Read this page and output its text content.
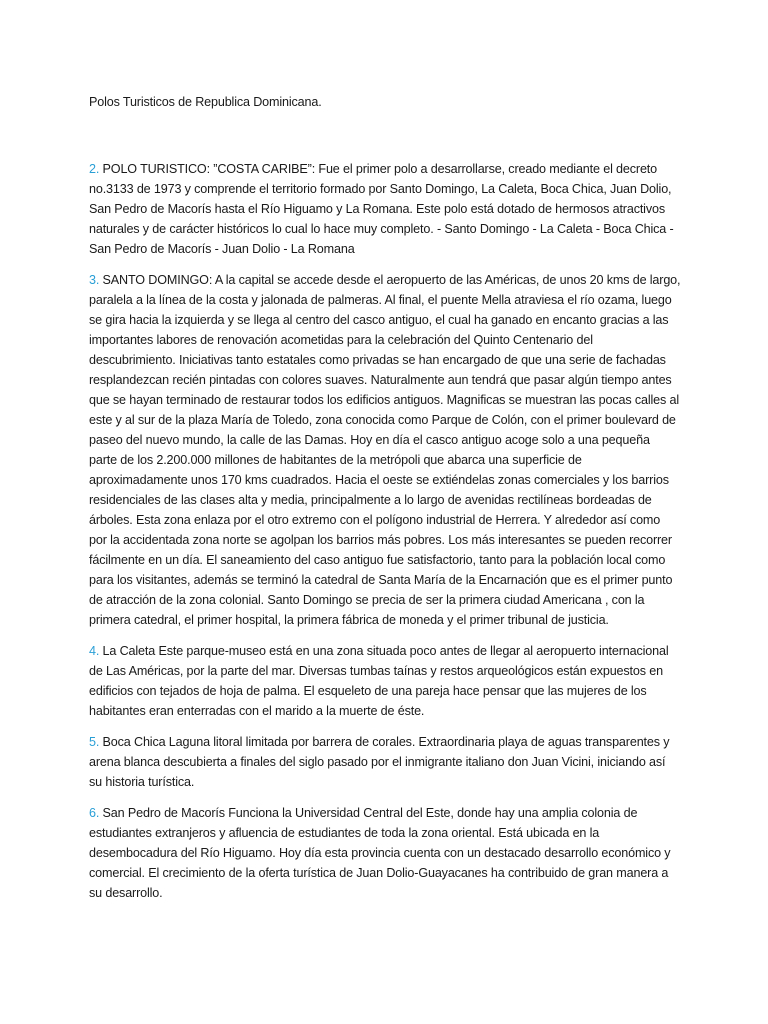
Polos Turisticos de Republica Dominicana.

2. POLO TURISTICO: ”COSTA CARIBE”: Fue el primer polo a desarrollarse, creado mediante el decreto no.3133 de 1973 y comprende el territorio formado por Santo Domingo, La Caleta, Boca Chica, Juan Dolio, San Pedro de Macorís hasta el Río Higuamo y La Romana. Este polo está dotado de hermosos atractivos naturales y de carácter históricos lo cual lo hace muy completo. - Santo Domingo - La Caleta - Boca Chica - San Pedro de Macorís - Juan Dolio - La Romana

3. SANTO DOMINGO: A la capital se accede desde el aeropuerto de las Américas, de unos 20 kms de largo, paralela a la línea de la costa y jalonada de palmeras. Al final, el puente Mella atraviesa el río ozama, luego se gira hacia la izquierda y se llega al centro del casco antiguo, el cual ha ganado en encanto gracias a las importantes labores de renovación acometidas para la celebración del Quinto Centenario del descubrimiento. Iniciativas tanto estatales como privadas se han encargado de que una serie de fachadas resplandezcan recién pintadas con colores suaves. Naturalmente aun tendrá que pasar algún tiempo antes que se hayan terminado de restaurar todos los edificios antiguos. Magnificas se muestran las pocas calles al este y al sur de la plaza María de Toledo, zona conocida como Parque de Colón, con el primer boulevard de paseo del nuevo mundo, la calle de las Damas. Hoy en día el casco antiguo acoge solo a una pequeña parte de los 2.200.000 millones de habitantes de la metrópoli que abarca una superficie de aproximadamente unos 170 kms cuadrados. Hacia el oeste se extiéndelas zonas comerciales y los barrios residenciales de las clases alta y media, principalmente a lo largo de avenidas rectilíneas bordeadas de árboles. Esta zona enlaza por el otro extremo con el polígono industrial de Herrera. Y alrededor así como por la accidentada zona norte se agolpan los barrios más pobres. Los más interesantes se pueden recorrer fácilmente en un día. El saneamiento del caso antiguo fue satisfactorio, tanto para la población local como para los visitantes, además se terminó la catedral de Santa María de la Encarnación que es el primer punto de atracción de la zona colonial. Santo Domingo se precia de ser la primera ciudad Americana , con la primera catedral, el primer hospital, la primera fábrica de moneda y el primer tribunal de justicia.

4. La Caleta Este parque-museo está en una zona situada poco antes de llegar al aeropuerto internacional de Las Américas, por la parte del mar. Diversas tumbas taínas y restos arqueológicos están expuestos en edificios con tejados de hoja de palma. El esqueleto de una pareja hace pensar que las mujeres de los habitantes eran enterradas con el marido a la muerte de éste.

5. Boca Chica Laguna litoral limitada por barrera de corales. Extraordinaria playa de aguas transparentes y arena blanca descubierta a finales del siglo pasado por el inmigrante italiano don Juan Vicini, iniciando así su historia turística.

6. San Pedro de Macorís Funciona la Universidad Central del Este, donde hay una amplia colonia de estudiantes extranjeros y afluencia de estudiantes de toda la zona oriental. Está ubicada en la desembocadura del Río Higuamo. Hoy día esta provincia cuenta con un destacado desarrollo económico y comercial. El crecimiento de la oferta turística de Juan Dolio-Guayacanes ha contribuido de gran manera a su desarrollo.
